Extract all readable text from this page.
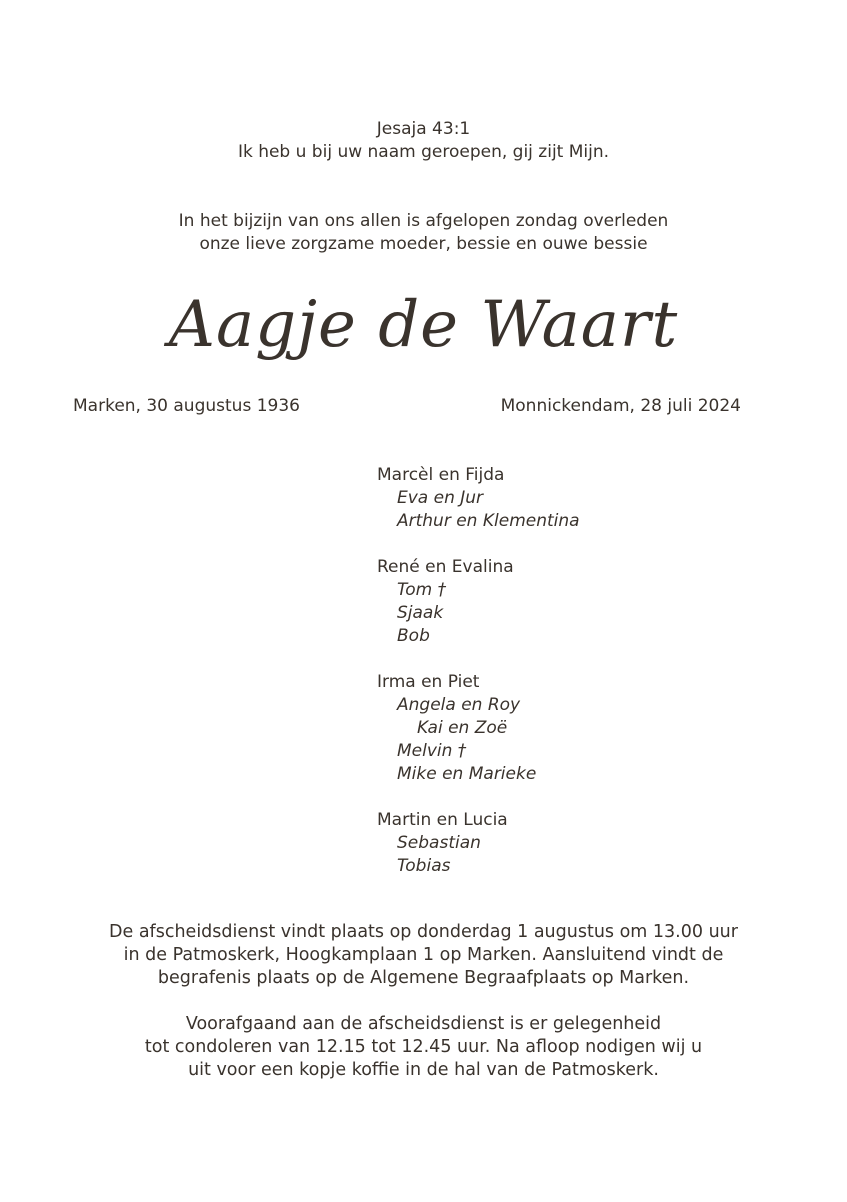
Jesaja 43:1
Ik heb u bij uw naam geroepen, gij zijt Mijn.
In het bijzijn van ons allen is afgelopen zondag overleden
onze lieve zorgzame moeder, bessie en ouwe bessie
Aagje de Waart
Marken, 30 augustus 1936	Monnickendam, 28 juli 2024
Marcèl en Fijda
Eva en Jur
Arthur en Klementina
René en Evalina
Tom †
Sjaak
Bob
Irma en Piet
Angela en Roy
Kai en Zoë
Melvin †
Mike en Marieke
Martin en Lucia
Sebastian
Tobias
De afscheidsdienst vindt plaats op donderdag 1 augustus om 13.00 uur
in de Patmoskerk, Hoogkamplaan 1 op Marken. Aansluitend vindt de
begrafenis plaats op de Algemene Begraafplaats op Marken.
Voorafgaand aan de afscheidsdienst is er gelegenheid
tot condoleren van 12.15 tot 12.45 uur. Na afloop nodigen wij u
uit voor een kopje koffie in de hal van de Patmoskerk.
